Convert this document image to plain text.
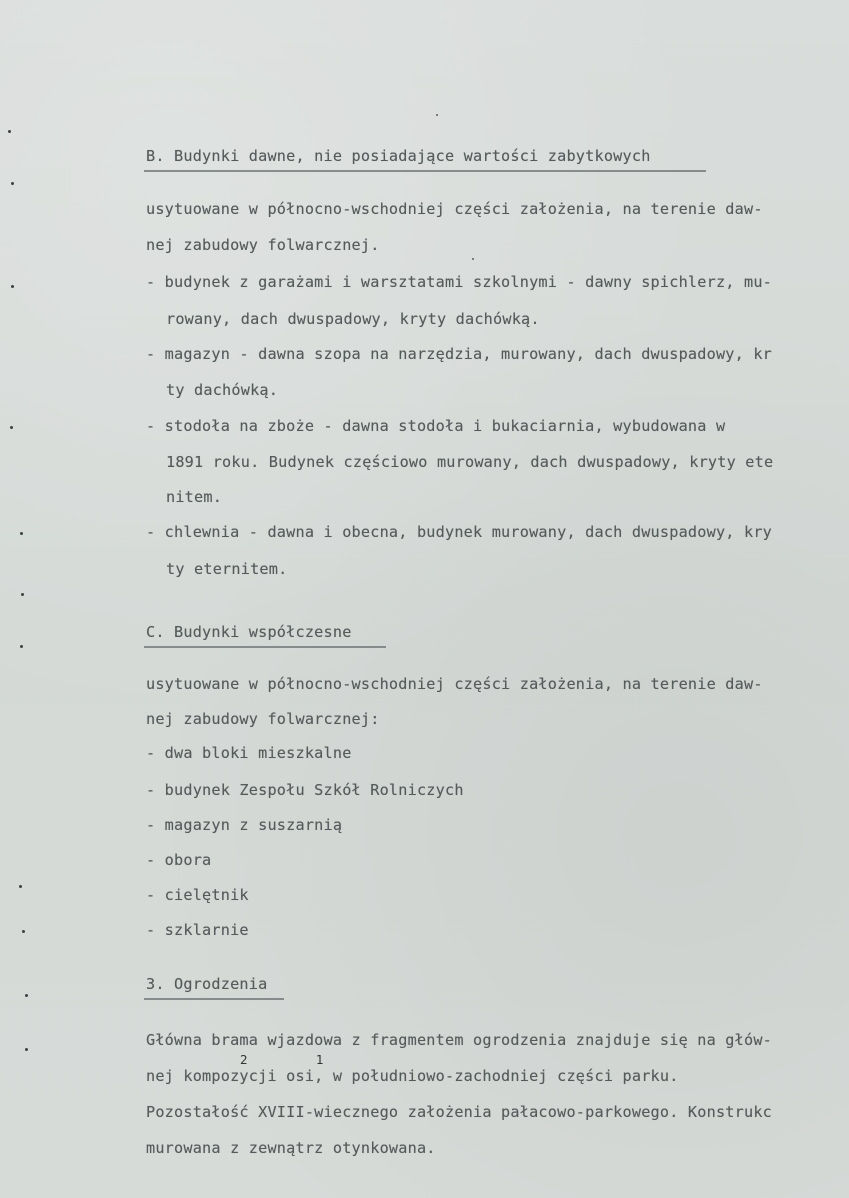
B. Budynki dawne, nie posiadające wartości zabytkowych
usytuowane w północno-wschodniej części założenia, na terenie daw-
nej zabudowy folwarcznej.
- budynek z garażami i warsztatami szkolnymi - dawny spichlerz, mu-
rowany, dach dwuspadowy, kryty dachówką.
- magazyn - dawna szopa na narzędzia, murowany, dach dwuspadowy, kr
ty dachówką.
- stodoła na zboże - dawna stodoła i bukaciarnia, wybudowana w
1891 roku. Budynek częściowo murowany, dach dwuspadowy, kryty ete
nitem.
- chlewnia - dawna i obecna, budynek murowany, dach dwuspadowy, kry
ty eternitem.
C. Budynki współczesne
usytuowane w północno-wschodniej części założenia, na terenie daw-
nej zabudowy folwarcznej:
- dwa bloki mieszkalne
- budynek Zespołu Szkół Rolniczych
- magazyn z suszarnią
- obora
- cielętnik
- szklarnie
3. Ogrodzenia
Główna brama wjazdowa z fragmentem ogrodzenia znajduje się na głów-
nej kompozycji osi, w południowo-zachodniej części parku.
Pozostałość XVIII-wiecznego założenia pałacowo-parkowego. Konstrukc
murowana z zewnątrz otynkowana.
2	1
